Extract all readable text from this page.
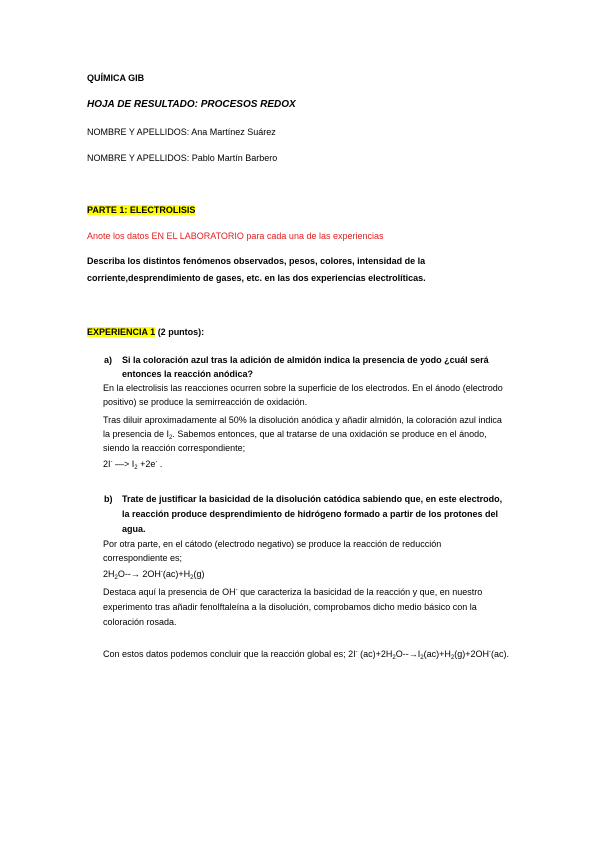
QUÍMICA GIB
HOJA DE RESULTADO: PROCESOS REDOX
NOMBRE Y APELLIDOS: Ana Martínez Suárez
NOMBRE Y APELLIDOS: Pablo Martín Barbero
PARTE 1: ELECTROLISIS
Anote los datos EN EL LABORATORIO para cada una de las experiencias
Describa los distintos fenómenos observados, pesos, colores, intensidad de la
corriente,desprendimiento de gases, etc. en las dos experiencias electrolíticas.
EXPERIENCIA 1 (2 puntos):
a) Si la coloración azul tras la adición de almidón indica la presencia de yodo ¿cuál será
entonces la reacción anódica?
En la electrolisis las reacciones ocurren sobre la superficie de los electrodos. En el ánodo (electrodo
positivo) se produce la semirreacción de oxidación.
Tras diluir aproximadamente al 50% la disolución anódica y añadir almidón, la coloración azul indica
la presencia de $I_2$. Sabemos entonces, que al tratarse de una oxidación se produce en el ánodo,
siendo la reacción correspondiente;
2I- —> $I_2 +2e^-$ .
b) Trate de justificar la basicidad de la disolución catódica sabiendo que, en este electrodo,
la reacción produce desprendimiento de hidrógeno formado a partir de los protones del
agua.
Por otra parte, en el cátodo (electrodo negativo) se produce la reacción de reducción
correspondiente es;
$2H_2O--\to 2OH^-(ac)+H_2(g)$
Destaca aquí la presencia de OH- que caracteriza la basicidad de la reacción y que, en nuestro
experimento tras añadir fenolftaleína a la disolución, comprobamos dicho medio básico con la
coloración rosada.
Con estos datos podemos concluir que la reacción global es; 2I- $(ac)+2H_2O--\to I_2(ac)+H_2(g)+2OH^-(ac)$.
